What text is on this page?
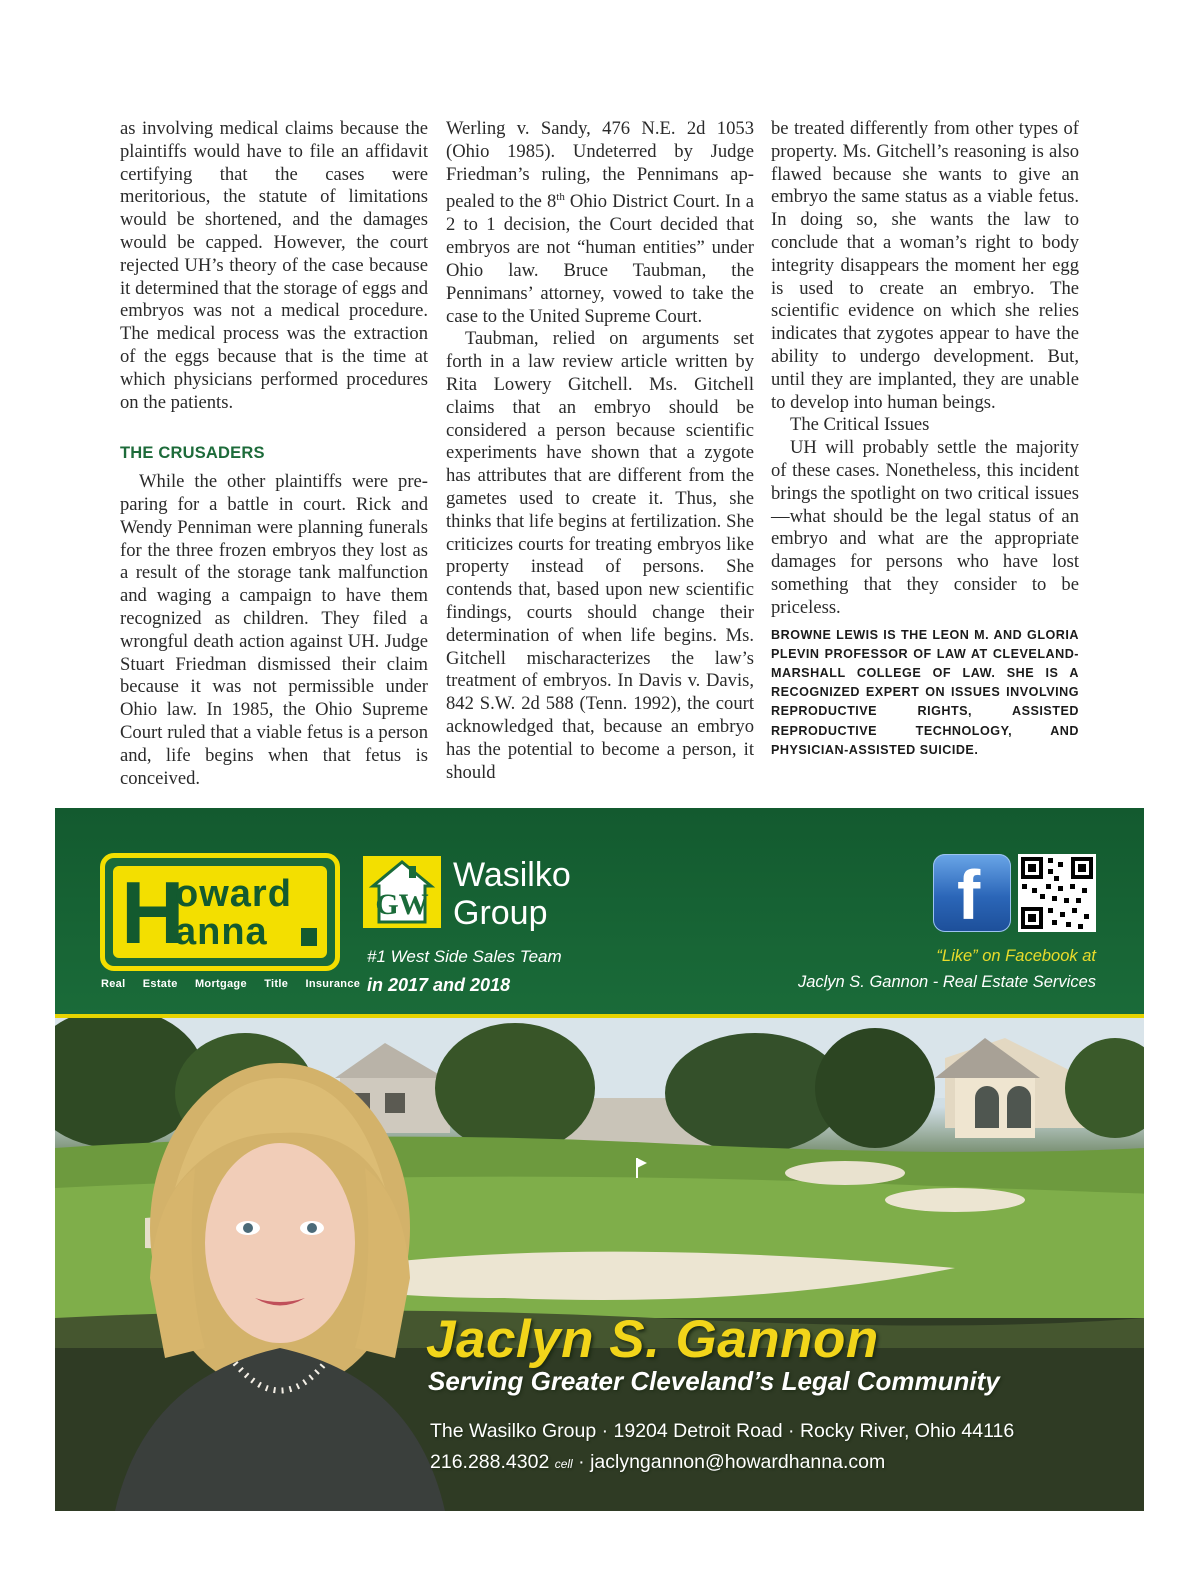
as involving medical claims because the plaintiffs would have to file an affidavit certifying that the cases were meritorious, the statute of limitations would be shortened, and the damages would be capped. However, the court rejected UH’s theory of the case because it determined that the storage of eggs and embryos was not a medical procedure. The medical process was the extraction of the eggs because that is the time at which physicians performed procedures on the patients.

THE CRUSADERS

While the other plaintiffs were preparing for a battle in court. Rick and Wendy Penniman were planning funerals for the three frozen embryos they lost as a result of the storage tank malfunction and waging a campaign to have them recognized as children. They filed a wrongful death action against UH. Judge Stuart Friedman dismissed their claim because it was not permissible under Ohio law. In 1985, the Ohio Supreme Court ruled that a viable fetus is a person and, life begins when that fetus is conceived.

Werling v. Sandy, 476 N.E. 2d 1053 (Ohio 1985). Undeterred by Judge Friedman’s ruling, the Pennimans appealed to the 8th Ohio District Court. In a 2 to 1 decision, the Court decided that embryos are not “human entities” under Ohio law. Bruce Taubman, the Pennimans’ attorney, vowed to take the case to the United Supreme Court.

Taubman, relied on arguments set forth in a law review article written by Rita Lowery Gitchell. Ms. Gitchell claims that an embryo should be considered a person because scientific experiments have shown that a zygote has attributes that are different from the gametes used to create it. Thus, she thinks that life begins at fertilization. She criticizes courts for treating embryos like property instead of persons. She contends that, based upon new scientific findings, courts should change their determination of when life begins. Ms. Gitchell mischaracterizes the law’s treatment of embryos. In Davis v. Davis, 842 S.W. 2d 588 (Tenn. 1992), the court acknowledged that, because an embryo has the potential to become a person, it should

be treated differently from other types of property. Ms. Gitchell’s reasoning is also flawed because she wants to give an embryo the same status as a viable fetus. In doing so, she wants the law to conclude that a woman’s right to body integrity disappears the moment her egg is used to create an embryo. The scientific evidence on which she relies indicates that zygotes appear to have the ability to undergo development. But, until they are implanted, they are unable to develop into human beings.

The Critical Issues

UH will probably settle the majority of these cases. Nonetheless, this incident brings the spotlight on two critical issues—what should be the legal status of an embryo and what are the appropriate damages for persons who have lost something that they consider to be priceless.

BROWNE LEWIS IS THE LEON M. AND GLORIA PLEVIN PROFESSOR OF LAW AT CLEVELAND-MARSHALL COLLEGE OF LAW. SHE IS A RECOGNIZED EXPERT ON ISSUES INVOLVING REPRODUCTIVE RIGHTS, ASSISTED REPRODUCTIVE TECHNOLOGY, AND PHYSICIAN-ASSISTED SUICIDE.

H
oward
anna
Real Estate Mortgage Title Insurance
GW
Wasilko
Group
#1 West Side Sales Team
in 2017 and 2018
f
“Like” on Facebook at
Jaclyn S. Gannon - Real Estate Services
Jaclyn S. Gannon
Serving Greater Cleveland’s Legal Community
The Wasilko Group · 19204 Detroit Road · Rocky River, Ohio 44116
216.288.4302 cell · jaclyngannon@howardhanna.com
